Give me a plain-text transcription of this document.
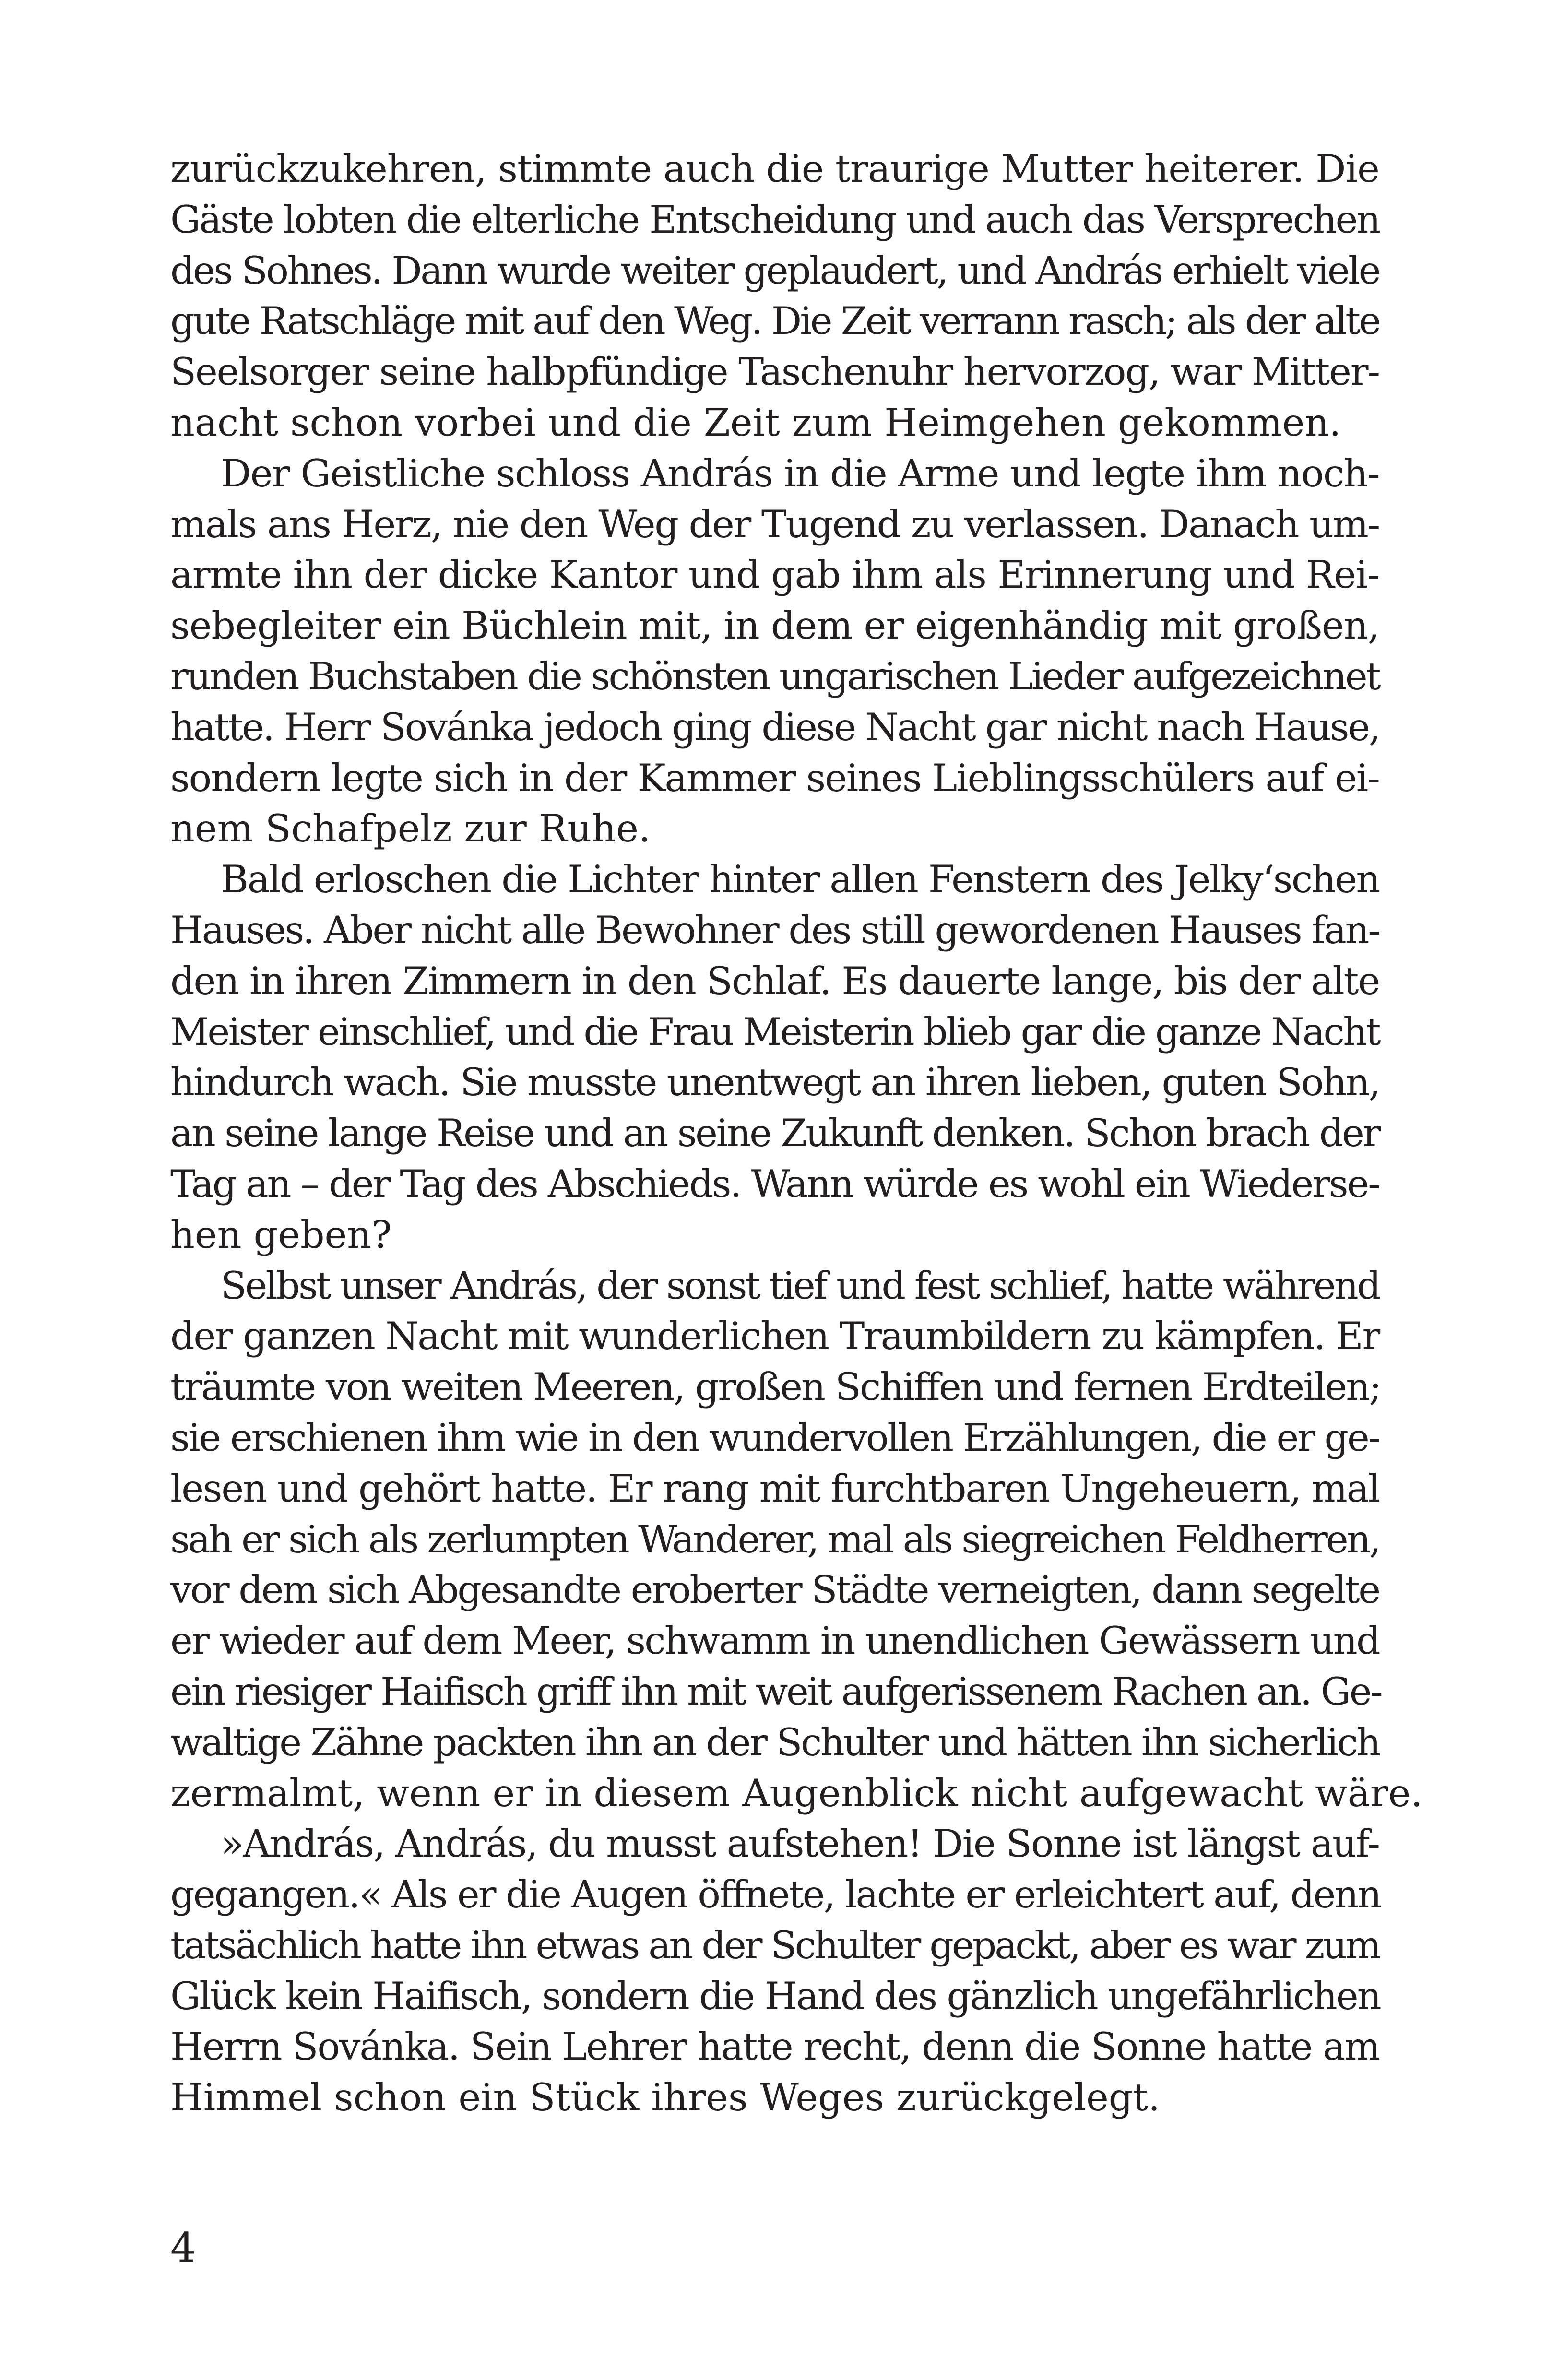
zurückzukehren, stimmte auch die traurige Mutter heiterer. Die
Gäste lobten die elterliche Entscheidung und auch das Versprechen
des Sohnes. Dann wurde weiter geplaudert, und András erhielt viele
gute Ratschläge mit auf den Weg. Die Zeit verrann rasch; als der alte
Seelsorger seine halbpfündige Taschenuhr hervorzog, war Mitter-
nacht schon vorbei und die Zeit zum Heimgehen gekommen.

Der Geistliche schloss András in die Arme und legte ihm noch-
mals ans Herz, nie den Weg der Tugend zu verlassen. Danach um-
armte ihn der dicke Kantor und gab ihm als Erinnerung und Rei-
sebegleiter ein Büchlein mit, in dem er eigenhändig mit großen,
runden Buchstaben die schönsten ungarischen Lieder aufgezeichnet
hatte. Herr Sovánka jedoch ging diese Nacht gar nicht nach Hause,
sondern legte sich in der Kammer seines Lieblingsschülers auf ei-
nem Schafpelz zur Ruhe.

Bald erloschen die Lichter hinter allen Fenstern des Jelky‘schen
Hauses. Aber nicht alle Bewohner des still gewordenen Hauses fan-
den in ihren Zimmern in den Schlaf. Es dauerte lange, bis der alte
Meister einschlief, und die Frau Meisterin blieb gar die ganze Nacht
hindurch wach. Sie musste unentwegt an ihren lieben, guten Sohn,
an seine lange Reise und an seine Zukunft denken. Schon brach der
Tag an – der Tag des Abschieds. Wann würde es wohl ein Wiederse-
hen geben?

Selbst unser András, der sonst tief und fest schlief, hatte während
der ganzen Nacht mit wunderlichen Traumbildern zu kämpfen. Er
träumte von weiten Meeren, großen Schiffen und fernen Erdteilen;
sie erschienen ihm wie in den wundervollen Erzählungen, die er ge-
lesen und gehört hatte. Er rang mit furchtbaren Ungeheuern, mal
sah er sich als zerlumpten Wanderer, mal als siegreichen Feldherren,
vor dem sich Abgesandte eroberter Städte verneigten, dann segelte
er wieder auf dem Meer, schwamm in unendlichen Gewässern und
ein riesiger Haifisch griff ihn mit weit aufgerissenem Rachen an. Ge-
waltige Zähne packten ihn an der Schulter und hätten ihn sicherlich
zermalmt, wenn er in diesem Augenblick nicht aufgewacht wäre.

»András, András, du musst aufstehen! Die Sonne ist längst auf-
gegangen.« Als er die Augen öffnete, lachte er erleichtert auf, denn
tatsächlich hatte ihn etwas an der Schulter gepackt, aber es war zum
Glück kein Haifisch, sondern die Hand des gänzlich ungefährlichen
Herrn Sovánka. Sein Lehrer hatte recht, denn die Sonne hatte am
Himmel schon ein Stück ihres Weges zurückgelegt.

4
